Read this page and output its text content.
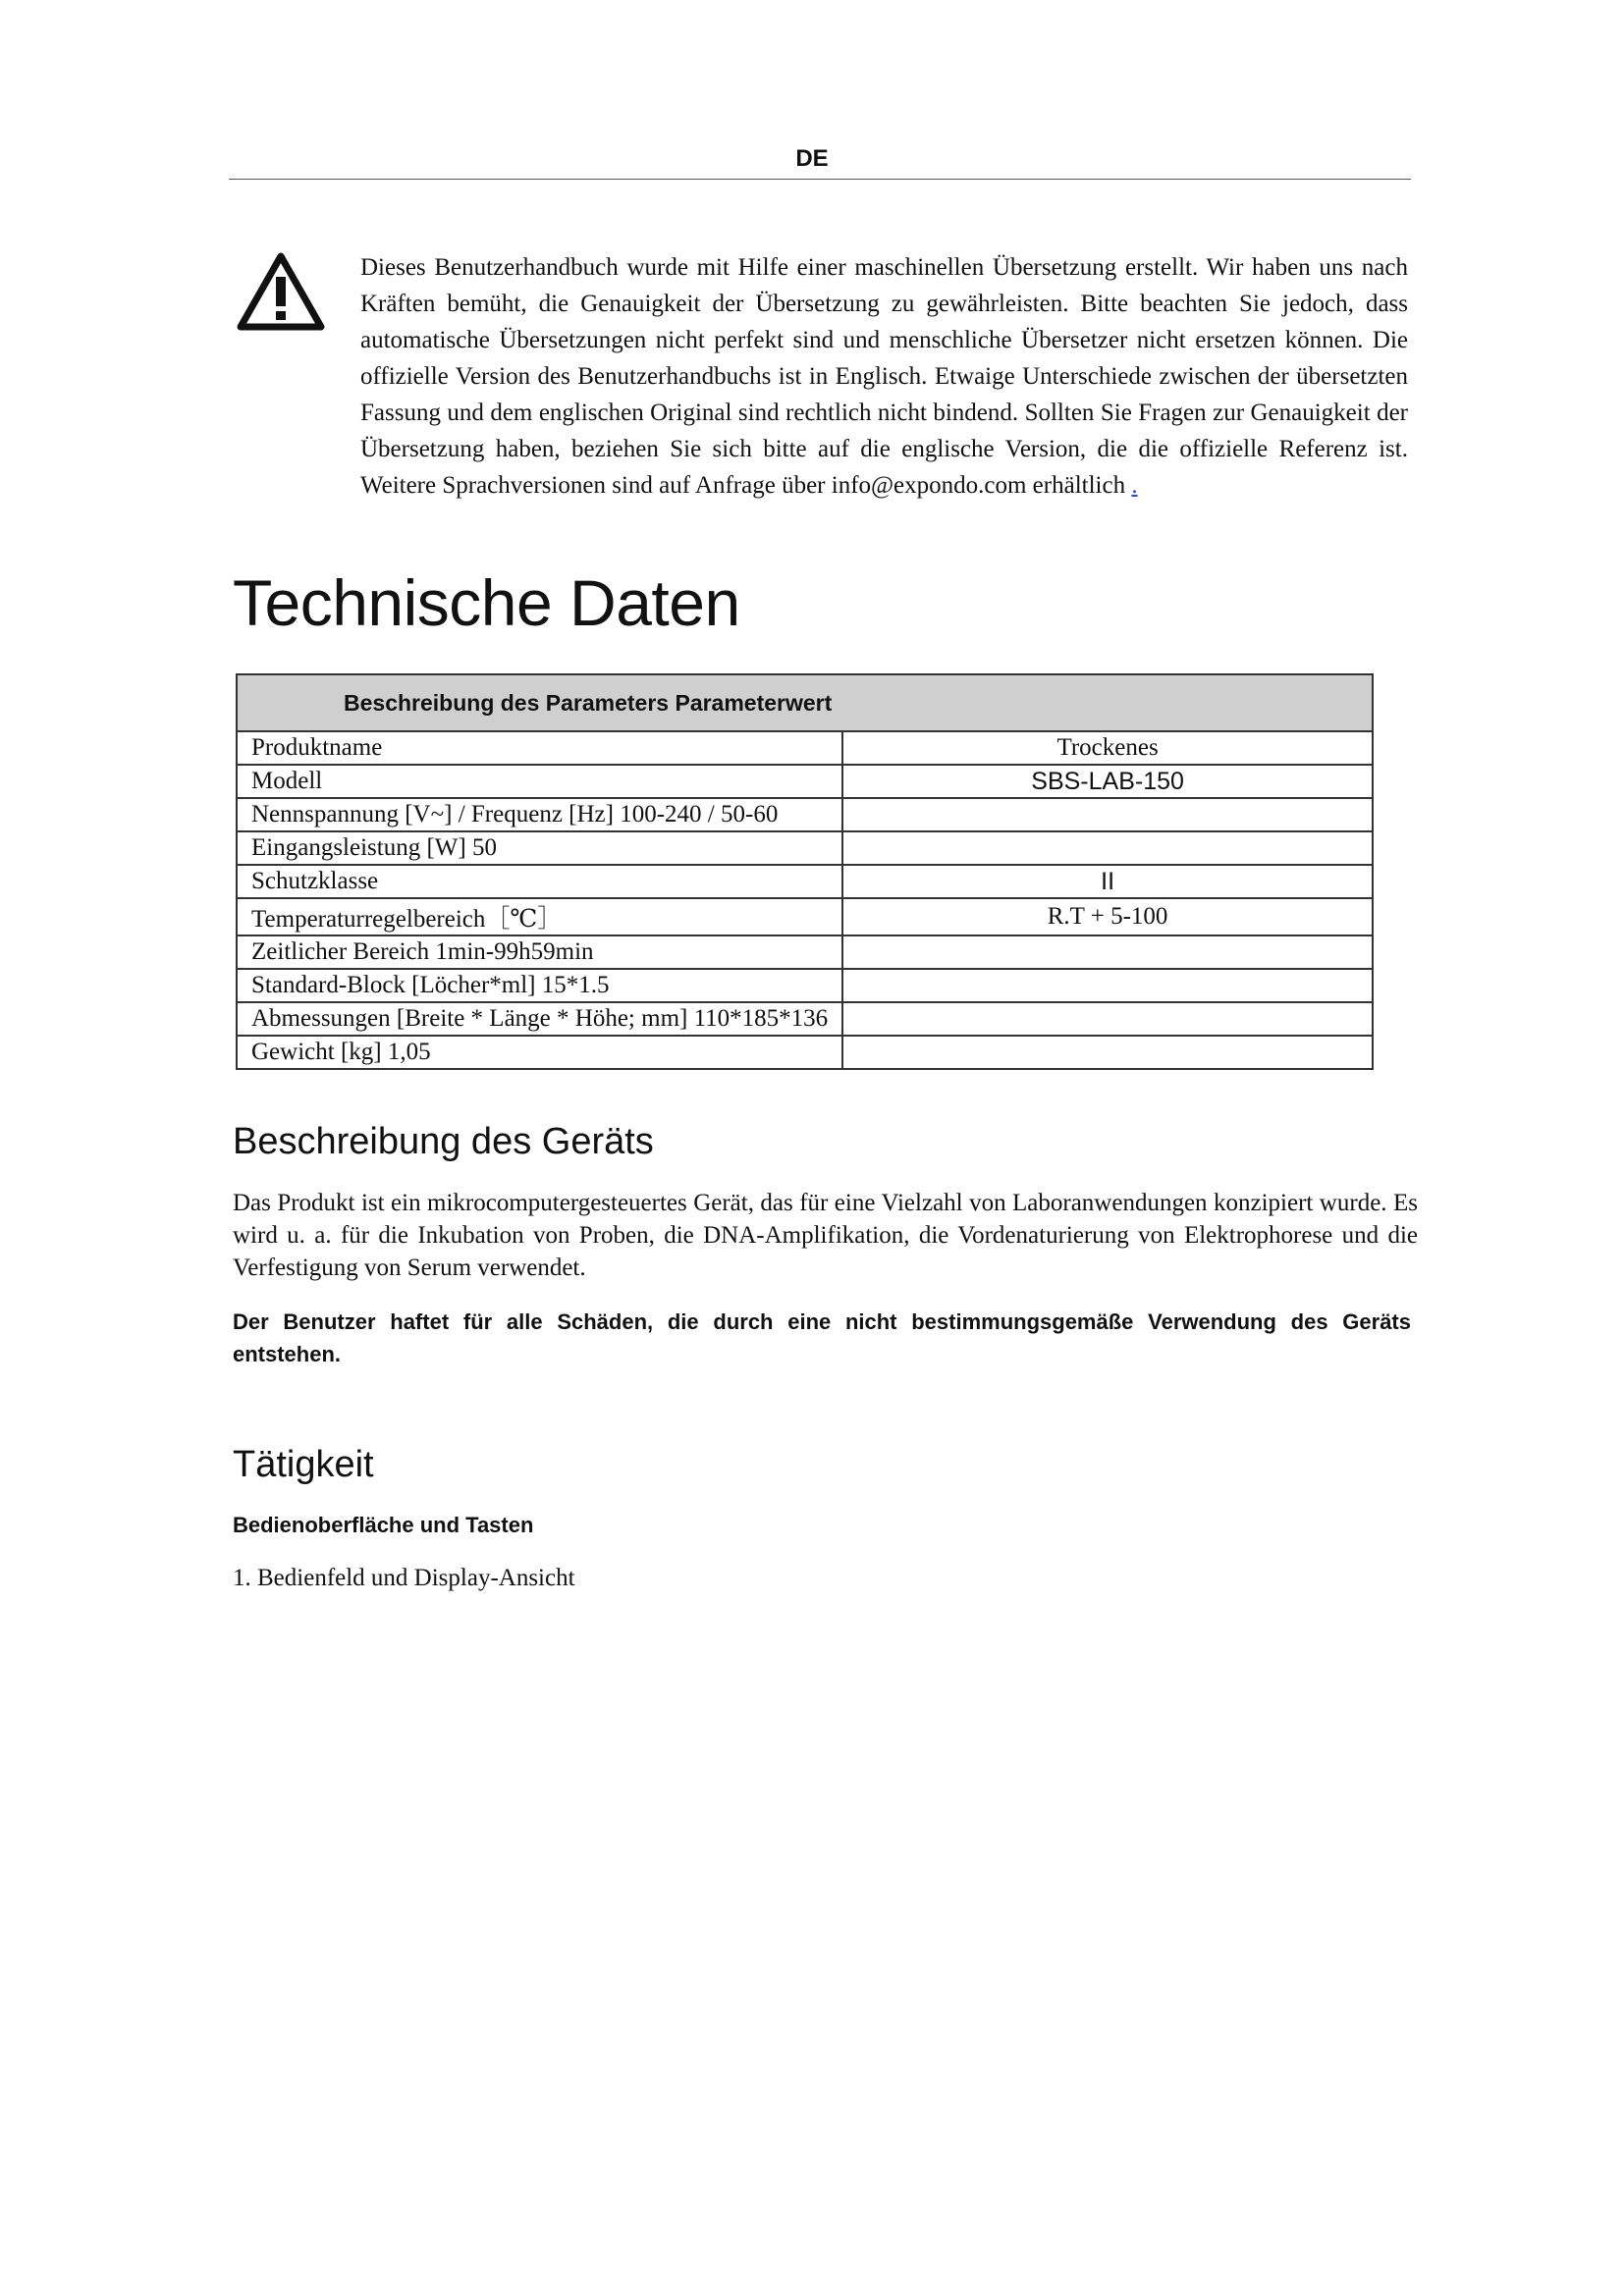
DE
Dieses Benutzerhandbuch wurde mit Hilfe einer maschinellen Übersetzung erstellt. Wir haben uns nach Kräften bemüht, die Genauigkeit der Übersetzung zu gewährleisten. Bitte beachten Sie jedoch, dass automatische Übersetzungen nicht perfekt sind und menschliche Übersetzer nicht ersetzen können. Die offizielle Version des Benutzerhandbuchs ist in Englisch. Etwaige Unterschiede zwischen der übersetzten Fassung und dem englischen Original sind rechtlich nicht bindend. Sollten Sie Fragen zur Genauigkeit der Übersetzung haben, beziehen Sie sich bitte auf die englische Version, die die offizielle Referenz ist. Weitere Sprachversionen sind auf Anfrage über info@expondo.com erhältlich .
Technische Daten
Beschreibung des Parameters Parameterwert	
Produktname	Trockenes
Modell	SBS-LAB-150
Nennspannung [V~] / Frequenz [Hz] 100-240 / 50-60	
Eingangsleistung [W] 50	
Schutzklasse	II
Temperaturregelbereich［℃］	R.T + 5-100
Zeitlicher Bereich 1min-99h59min	
Standard-Block [Löcher*ml] 15*1.5	
Abmessungen [Breite * Länge * Höhe; mm] 110*185*136	
Gewicht [kg] 1,05	
Beschreibung des Geräts

Das Produkt ist ein mikrocomputergesteuertes Gerät, das für eine Vielzahl von Laboranwendungen konzipiert wurde. Es wird u. a. für die Inkubation von Proben, die DNA-Amplifikation, die Vordenaturierung von Elektrophorese und die Verfestigung von Serum verwendet.

Der Benutzer haftet für alle Schäden, die durch eine nicht bestimmungsgemäße Verwendung des Geräts entstehen.

Tätigkeit
Bedienoberfläche und Tasten
1. Bedienfeld und Display-Ansicht
